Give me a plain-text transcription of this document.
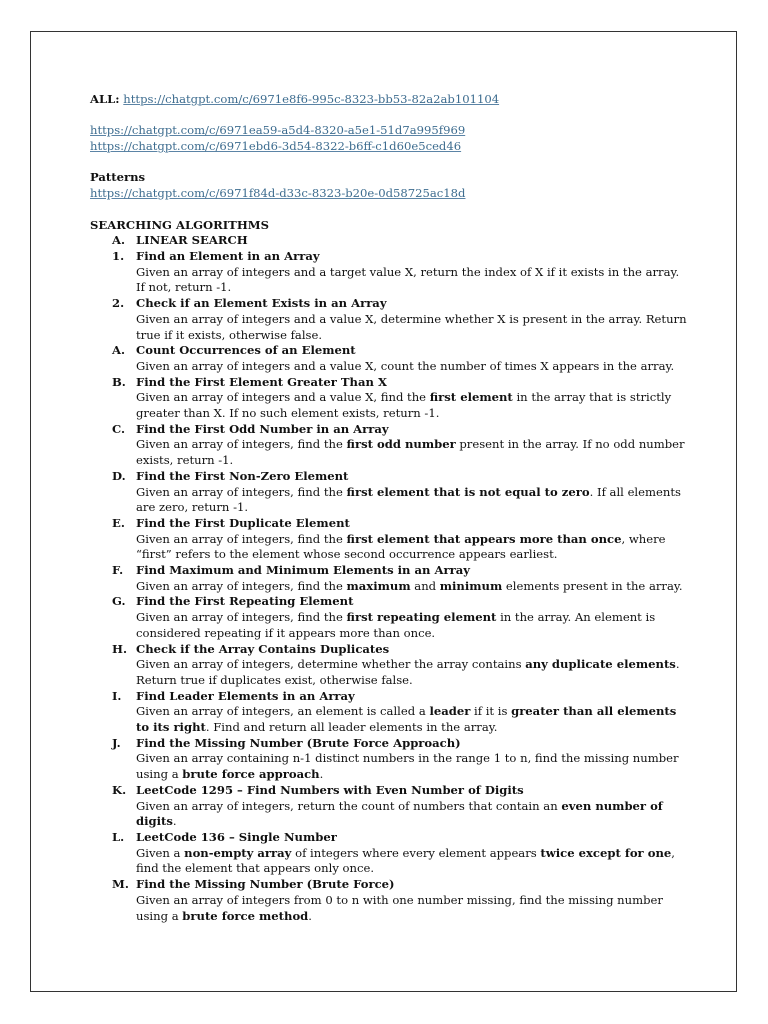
ALL: https://chatgpt.com/c/6971e8f6-995c-8323-bb53-82a2ab101104
https://chatgpt.com/c/6971ea59-a5d4-8320-a5e1-51d7a995f969
https://chatgpt.com/c/6971ebd6-3d54-8322-b6ff-c1d60e5ced46
Patterns
https://chatgpt.com/c/6971f84d-d33c-8323-b20e-0d58725ac18d
SEARCHING ALGORITHMS
A. LINEAR SEARCH
1.	Find an Element in an Array
Given an array of integers and a target value X, return the index of X if it exists in the array. If not, return -1.
2.	Check if an Element Exists in an Array
Given an array of integers and a value X, determine whether X is present in the array. Return true if it exists, otherwise false.
A. Count Occurrences of an Element
Given an array of integers and a value X, count the number of times X appears in the array.
B. Find the First Element Greater Than X
Given an array of integers and a value X, find the first element in the array that is strictly greater than X. If no such element exists, return -1.
C. Find the First Odd Number in an Array
Given an array of integers, find the first odd number present in the array. If no odd number exists, return -1.
D. Find the First Non-Zero Element
Given an array of integers, find the first element that is not equal to zero. If all elements are zero, return -1.
E. Find the First Duplicate Element
Given an array of integers, find the first element that appears more than once, where “first” refers to the element whose second occurrence appears earliest.
F.	Find Maximum and Minimum Elements in an Array
Given an array of integers, find the maximum and minimum elements present in the array.
G. Find the First Repeating Element
Given an array of integers, find the first repeating element in the array. An element is considered repeating if it appears more than once.
H. Check if the Array Contains Duplicates
Given an array of integers, determine whether the array contains any duplicate elements. Return true if duplicates exist, otherwise false.
I.	Find Leader Elements in an Array
Given an array of integers, an element is called a leader if it is greater than all elements to its right. Find and return all leader elements in the array.
J.	Find the Missing Number (Brute Force Approach)
Given an array containing n-1 distinct numbers in the range 1 to n, find the missing number using a brute force approach.
K. LeetCode 1295 – Find Numbers with Even Number of Digits
Given an array of integers, return the count of numbers that contain an even number of digits.
L.	LeetCode 136 – Single Number
Given a non-empty array of integers where every element appears twice except for one, find the element that appears only once.
M. Find the Missing Number (Brute Force)
Given an array of integers from 0 to n with one number missing, find the missing number using a brute force method.
